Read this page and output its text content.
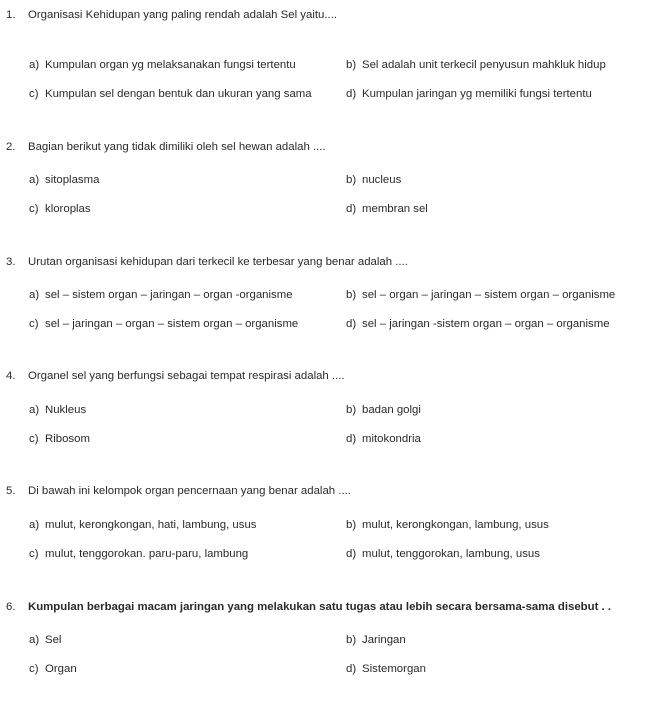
1. Organisasi Kehidupan yang paling rendah adalah Sel yaitu....
a) Kumpulan organ yg melaksanakan fungsi tertentu	b) Sel adalah unit terkecil penyusun mahkluk hidup
c) Kumpulan sel dengan bentuk dan ukuran yang sama	d) Kumpulan jaringan yg memiliki fungsi tertentu
2. Bagian berikut yang tidak dimiliki oleh sel hewan adalah ....
a) sitoplasma	b) nucleus
c) kloroplas	d) membran sel
3. Urutan organisasi kehidupan dari terkecil ke terbesar yang benar adalah ....
a) sel – sistem organ – jaringan – organ -organisme	b) sel – organ – jaringan – sistem organ – organisme
c) sel – jaringan – organ – sistem organ – organisme	d) sel – jaringan -sistem organ – organ – organisme
4. Organel sel yang berfungsi sebagai tempat respirasi adalah ....
a) Nukleus	b) badan golgi
c) Ribosom	d) mitokondria
5. Di bawah ini kelompok organ pencernaan yang benar adalah ....
a) mulut, kerongkongan, hati, lambung, usus	b) mulut, kerongkongan, lambung, usus
c) mulut, tenggorokan. paru-paru, lambung	d) mulut, tenggorokan, lambung, usus
6. Kumpulan berbagai macam jaringan yang melakukan satu tugas atau lebih secara bersama-sama disebut . .
a) Sel	b) Jaringan
c) Organ	d) Sistemorgan
